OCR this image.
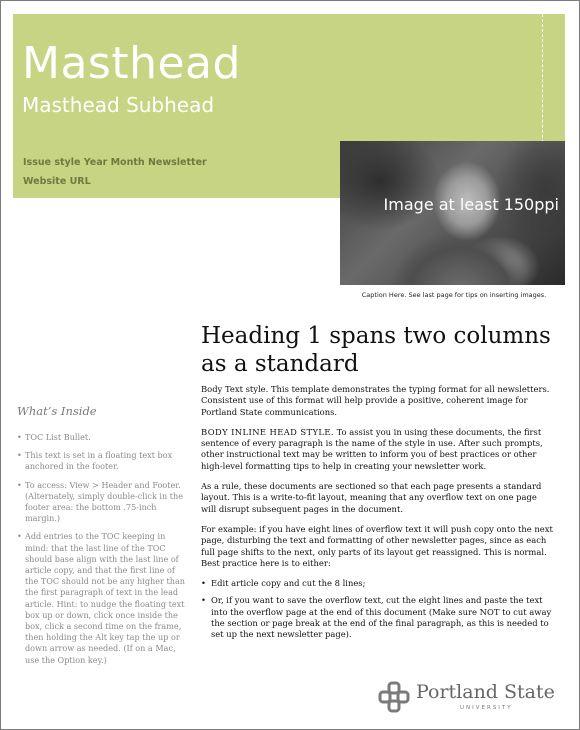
Masthead
Masthead Subhead
Issue style Year Month Newsletter
Website URL
Image at least 150ppi
Caption Here. See last page for tips on inserting images.
Heading 1 spans two columns as a standard

Body Text style. This template demonstrates the typing format for all newsletters. Consistent use of this format will help provide a positive, coherent image for Portland State communications.

BODY INLINE HEAD STYLE. To assist you in using these documents, the first sentence of every paragraph is the name of the style in use. After such prompts, other instructional text may be written to inform you of best practices or other high-level formatting tips to help in creating your newsletter work.

As a rule, these documents are sectioned so that each page presents a standard layout. This is a write-to-fit layout, meaning that any overflow text on one page will disrupt subsequent pages in the document.

For example: if you have eight lines of overflow text it will push copy onto the next page, disturbing the text and formatting of other newsletter pages, since as each full page shifts to the next, only parts of its layout get reassigned. This is normal. Best practice here is to either:

• Edit article copy and cut the 8 lines;
• Or, if you want to save the overflow text, cut the eight lines and paste the text into the overflow page at the end of this document (Make sure NOT to cut away the section or page break at the end of the final paragraph, as this is needed to set up the next newsletter page).
What’s Inside
• TOC List Bullet.
• This text is set in a floating text box anchored in the footer.
• To access: View > Header and Footer. (Alternately, simply double-click in the footer area: the bottom .75-inch margin.)
• Add entries to the TOC keeping in mind: that the last line of the TOC should base align with the last line of article copy, and that the first line of the TOC should not be any higher than the first paragraph of text in the lead article. Hint: to nudge the floating text box up or down, click once inside the box, click a second time on the frame, then holding the Alt key tap the up or down arrow as needed. (If on a Mac, use the Option key.)
Portland State
UNIVERSITY
